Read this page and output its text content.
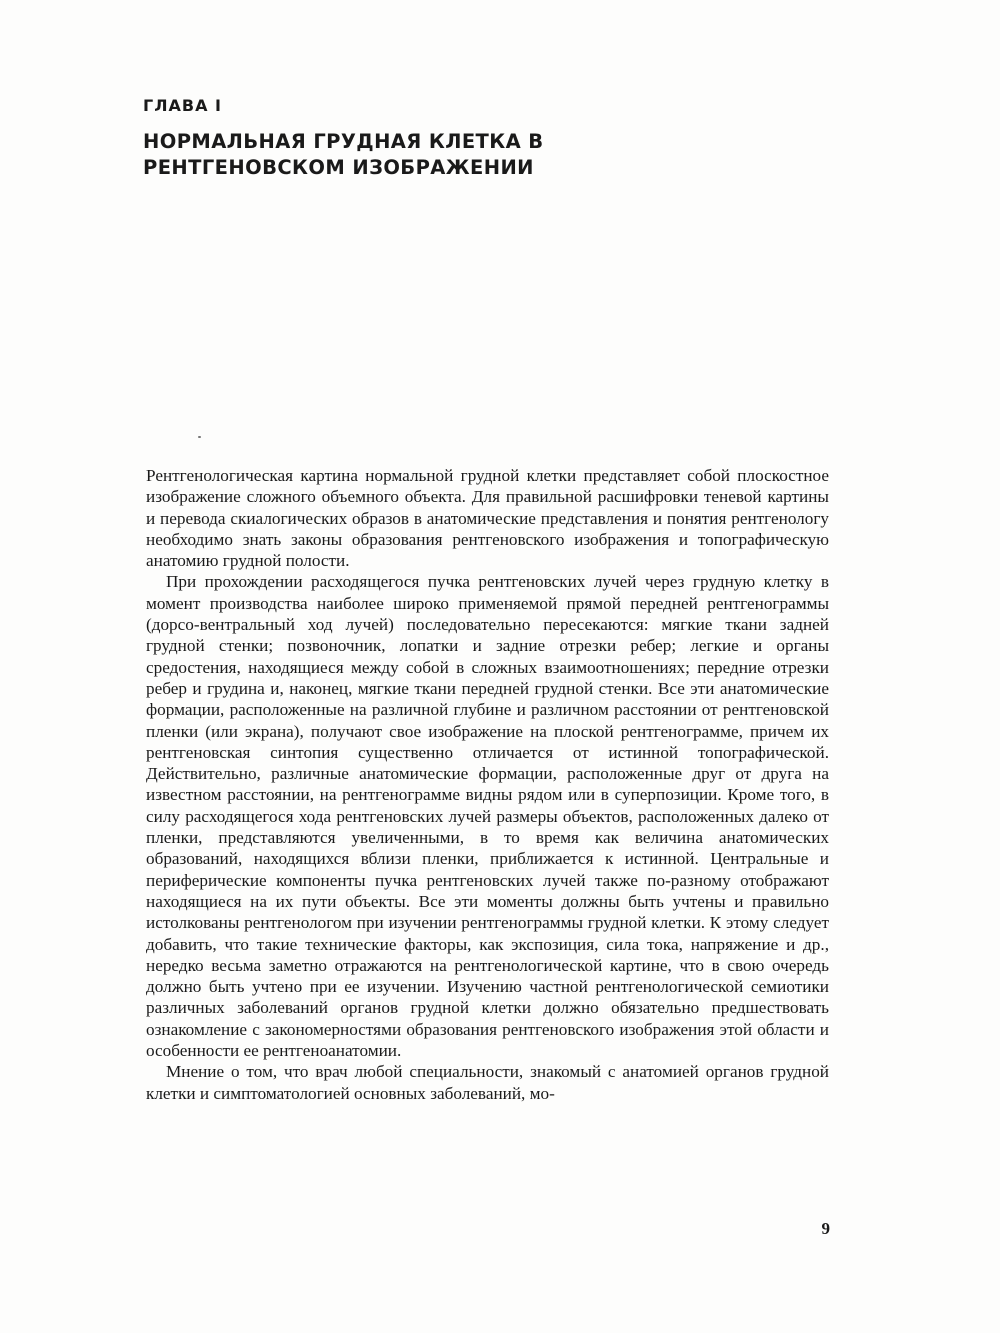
ГЛАВА I
НОРМАЛЬНАЯ ГРУДНАЯ КЛЕТКА В РЕНТГЕНОВСКОМ ИЗОБРАЖЕНИИ

Рентгенологическая картина нормальной грудной клетки представляет собой плоскостное изображение сложного объемного объекта. Для правильной расшифровки теневой картины и перевода скиалогических образов в анатомические представления и понятия рентгенологу необходимо знать законы образования рентгеновского изображения и топографическую анатомию грудной полости.

При прохождении расходящегося пучка рентгеновских лучей через грудную клетку в момент производства наиболее широко применяемой прямой передней рентгенограммы (дорсо-вентральный ход лучей) последовательно пересекаются: мягкие ткани задней грудной стенки; позвоночник, лопатки и задние отрезки ребер; легкие и органы средостения, находящиеся между собой в сложных взаимоотношениях; передние отрезки ребер и грудина и, наконец, мягкие ткани передней грудной стенки. Все эти анатомические формации, расположенные на различной глубине и различном расстоянии от рентгеновской пленки (или экрана), получают свое изображение на плоской рентгенограмме, причем их рентгеновская синтопия существенно отличается от истинной топографической. Действительно, различные анатомические формации, расположенные друг от друга на известном расстоянии, на рентгенограмме видны рядом или в суперпозиции. Кроме того, в силу расходящегося хода рентгеновских лучей размеры объектов, расположенных далеко от пленки, представляются увеличенными, в то время как величина анатомических образований, находящихся вблизи пленки, приближается к истинной. Центральные и периферические компоненты пучка рентгеновских лучей также по-разному отображают находящиеся на их пути объекты. Все эти моменты должны быть учтены и правильно истолкованы рентгенологом при изучении рентгенограммы грудной клетки. К этому следует добавить, что такие технические факторы, как экспозиция, сила тока, напряжение и др., нередко весьма заметно отражаются на рентгенологической картине, что в свою очередь должно быть учтено при ее изучении. Изучению частной рентгенологической семиотики различных заболеваний органов грудной клетки должно обязательно предшествовать ознакомление с закономерностями образования рентгеновского изображения этой области и особенности ее рентгеноанатомии.

Мнение о том, что врач любой специальности, знакомый с анатомией органов грудной клетки и симптоматологией основных заболеваний, мо-

9
